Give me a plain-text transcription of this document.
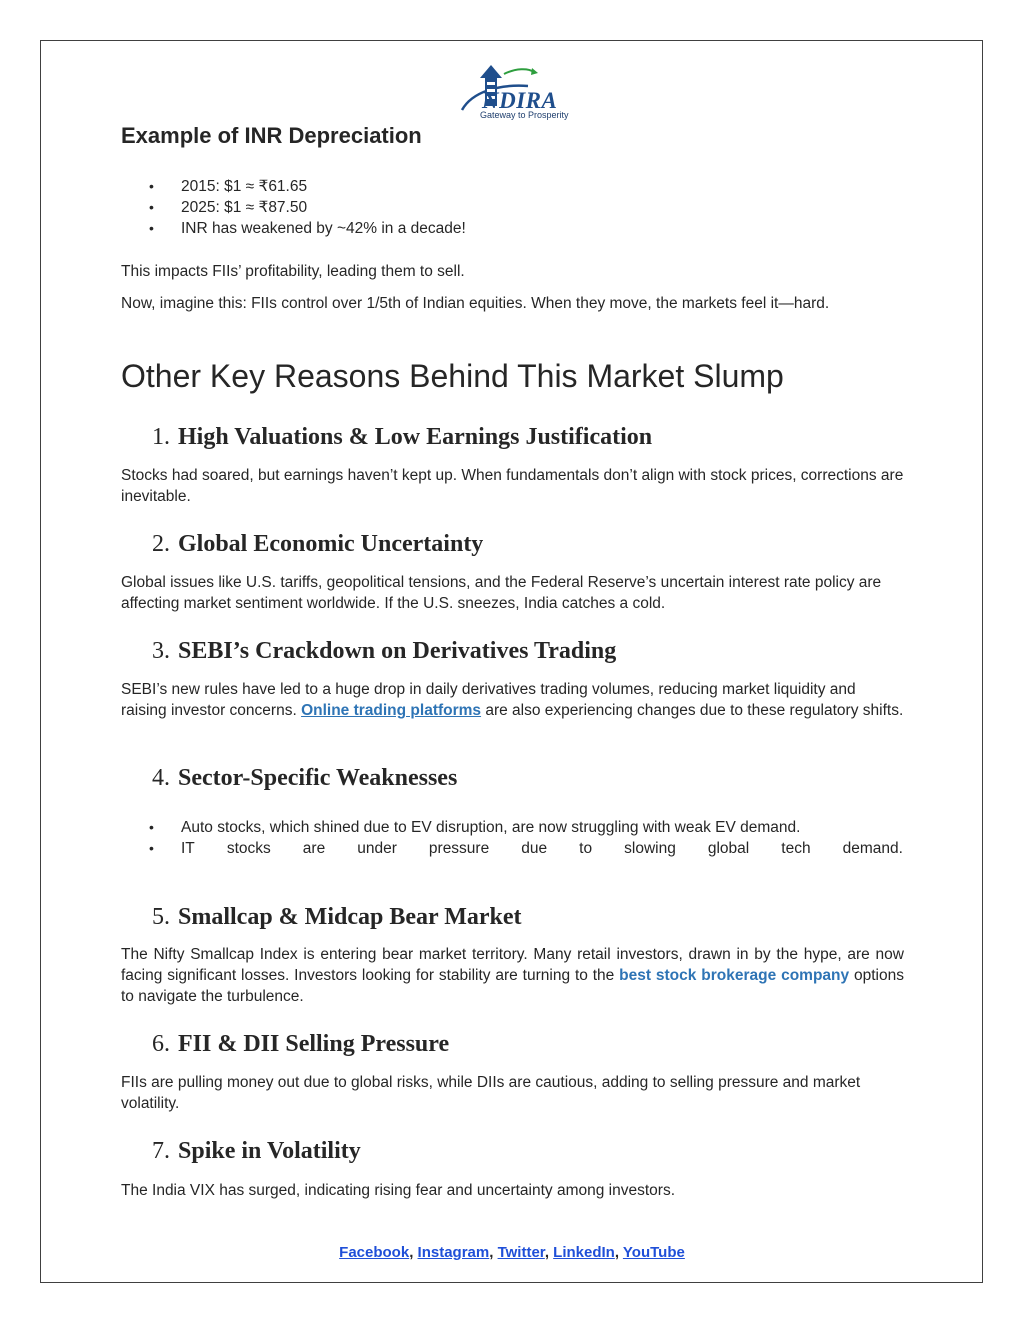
NDIRA
Gateway to Prosperity
Example of INR Depreciation
• 2015: $1 ≈ ₹61.65
• 2025: $1 ≈ ₹87.50
• INR has weakened by ~42% in a decade!

This impacts FIIs’ profitability, leading them to sell.

Now, imagine this: FIIs control over 1/5th of Indian equities. When they move, the markets feel it—hard.

Other Key Reasons Behind This Market Slump
1. High Valuations & Low Earnings Justification

Stocks had soared, but earnings haven’t kept up. When fundamentals don’t align with stock prices, corrections are inevitable.

2. Global Economic Uncertainty

Global issues like U.S. tariffs, geopolitical tensions, and the Federal Reserve’s uncertain interest rate policy are affecting market sentiment worldwide. If the U.S. sneezes, India catches a cold.

3. SEBI’s Crackdown on Derivatives Trading

SEBI’s new rules have led to a huge drop in daily derivatives trading volumes, reducing market liquidity and raising investor concerns. Online trading platforms are also experiencing changes due to these regulatory shifts.

4. Sector-Specific Weaknesses
• Auto stocks, which shined due to EV disruption, are now struggling with weak EV demand.
• IT stocks are under pressure due to slowing global tech demand.
5. Smallcap & Midcap Bear Market

The Nifty Smallcap Index is entering bear market territory. Many retail investors, drawn in by the hype, are now facing significant losses. Investors looking for stability are turning to the best stock brokerage company options to navigate the turbulence.

6. FII & DII Selling Pressure

FIIs are pulling money out due to global risks, while DIIs are cautious, adding to selling pressure and market volatility.

7. Spike in Volatility

The India VIX has surged, indicating rising fear and uncertainty among investors.

Facebook, Instagram, Twitter, LinkedIn, YouTube
